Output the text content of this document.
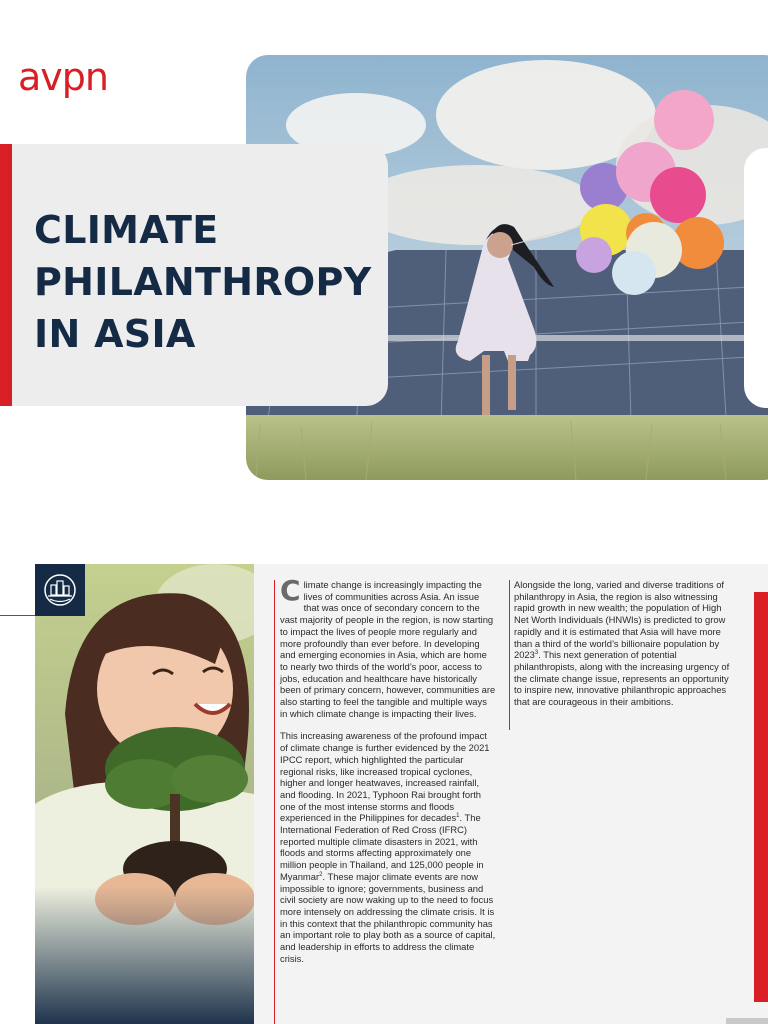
avpn
CLIMATE
PHILANTHROPY
IN ASIA

Climate change is increasingly impacting the lives of communities across Asia. An issue that was once of secondary concern to the vast majority of people in the region, is now starting to impact the lives of people more regularly and more profoundly than ever before. In developing and emerging economies in Asia, which are home to nearly two thirds of the world’s poor, access to jobs, education and healthcare have historically been of primary concern, however, communities are also starting to feel the tangible and multiple ways in which climate change is impacting their lives.

This increasing awareness of the profound impact of climate change is further evidenced by the 2021 IPCC report, which highlighted the particular regional risks, like increased tropical cyclones, higher and longer heatwaves, increased rainfall, and flooding. In 2021, Typhoon Rai brought forth one of the most intense storms and floods experienced in the Philippines for decades$^1$. The International Federation of Red Cross (IFRC) reported multiple climate disasters in 2021, with floods and storms affecting approximately one million people in Thailand, and 125,000 people in Myanmar$^2$. These major climate events are now impossible to ignore; governments, business and civil society are now waking up to the need to focus more intensely on addressing the climate crisis. It is in this context that the philanthropic community has an important role to play both as a source of capital, and leadership in efforts to address the climate crisis.

Alongside the long, varied and diverse traditions of philanthropy in Asia, the region is also witnessing rapid growth in new wealth; the population of High Net Worth Individuals (HNWIs) is predicted to grow rapidly and it is estimated that Asia will have more than a third of the world’s billionaire population by 2023$^3$. This next generation of potential philanthropists, along with the increasing urgency of the climate change issue, represents an opportunity to inspire new, innovative philanthropic approaches that are courageous in their ambitions.
